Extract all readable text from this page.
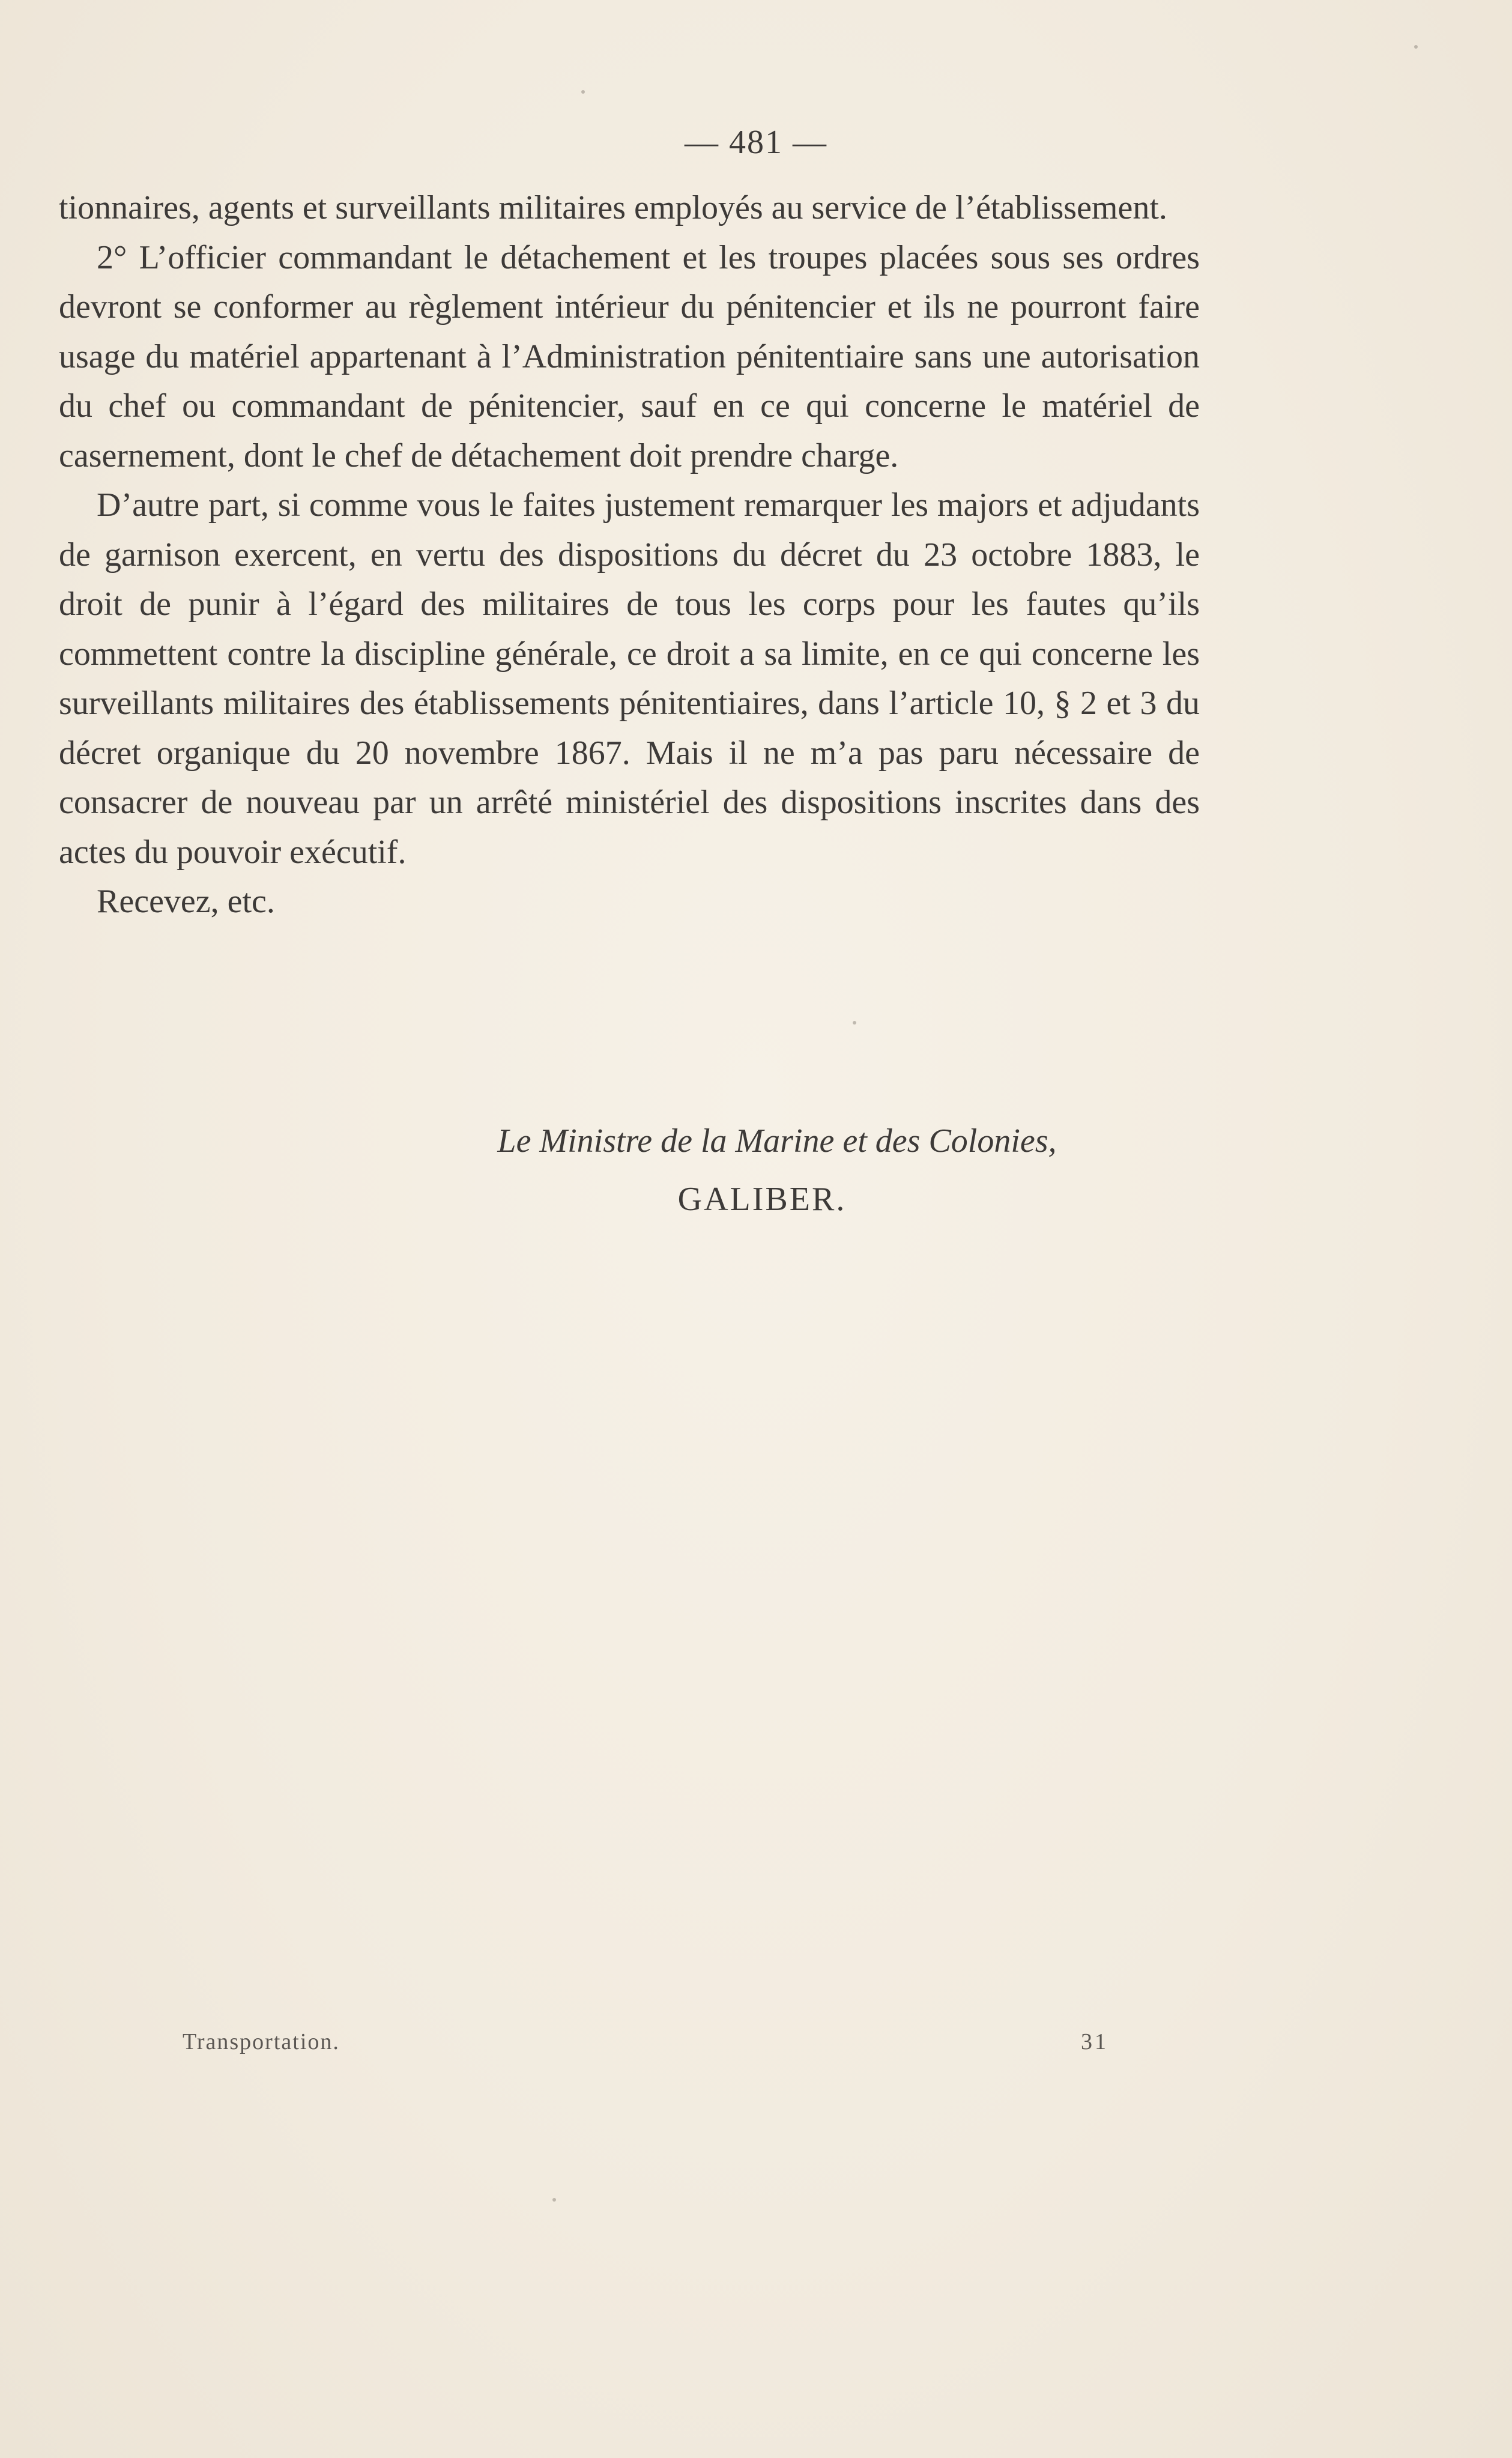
— 481 —

tionnaires, agents et surveillants militaires employés au service de l’établissement.

2° L’officier commandant le détachement et les troupes placées sous ses ordres devront se conformer au règlement intérieur du pénitencier et ils ne pourront faire usage du matériel appartenant à l’Administration pénitentiaire sans une autorisation du chef ou commandant de pénitencier, sauf en ce qui concerne le matériel de casernement, dont le chef de détachement doit prendre charge.

D’autre part, si comme vous le faites justement remarquer les majors et adjudants de garnison exercent, en vertu des dispositions du décret du 23 octobre 1883, le droit de punir à l’égard des militaires de tous les corps pour les fautes qu’ils commettent contre la discipline générale, ce droit a sa limite, en ce qui concerne les surveillants militaires des établissements pénitentiaires, dans l’article 10, § 2 et 3 du décret organique du 20 novembre 1867. Mais il ne m’a pas paru nécessaire de consacrer de nouveau par un arrêté ministériel des dispositions inscrites dans des actes du pouvoir exécutif.

Recevez, etc.

Le Ministre de la Marine et des Colonies,
GALIBER.
Transportation.	31
